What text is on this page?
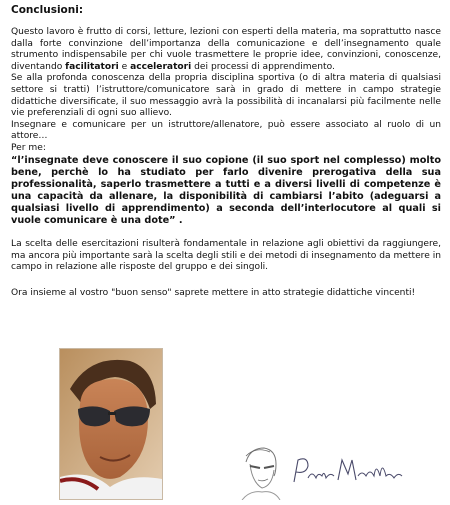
Conclusioni:

Questo lavoro è frutto di corsi, letture, lezioni con esperti della materia, ma soprattutto nasce dalla forte convinzione dell’importanza della comunicazione e dell’insegnamento quale strumento indispensabile per chi vuole trasmettere le proprie idee, convinzioni, conoscenze, diventando facilitatori e acceleratori dei processi di apprendimento.

Se alla profonda conoscenza della propria disciplina sportiva (o di altra materia di qualsiasi settore si tratti) l’istruttore/comunicatore sarà in grado di mettere in campo strategie didattiche diversificate, il suo messaggio avrà la possibilità di incanalarsi più facilmente nelle vie preferenziali di ogni suo allievo.

Insegnare e comunicare per un istruttore/allenatore, può essere associato al ruolo di un attore…

Per me:

“l’insegnate deve conoscere il suo copione (il suo sport nel complesso) molto bene, perchè lo ha studiato per farlo divenire prerogativa della sua professionalità, saperlo trasmettere a tutti e a diversi livelli di competenze è una capacità da allenare, la disponibilità di cambiarsi l’abito (adeguarsi a qualsiasi livello di apprendimento) a seconda dell’interlocutore al quali si vuole comunicare è una dote” .

La scelta delle esercitazioni risulterà fondamentale in relazione agli obiettivi da raggiungere, ma ancora più importante sarà la scelta degli stili e dei metodi di insegnamento da mettere in campo in relazione alle risposte del gruppo e dei singoli.

Ora insieme al vostro "buon senso" saprete mettere in atto strategie didattiche vincenti!
